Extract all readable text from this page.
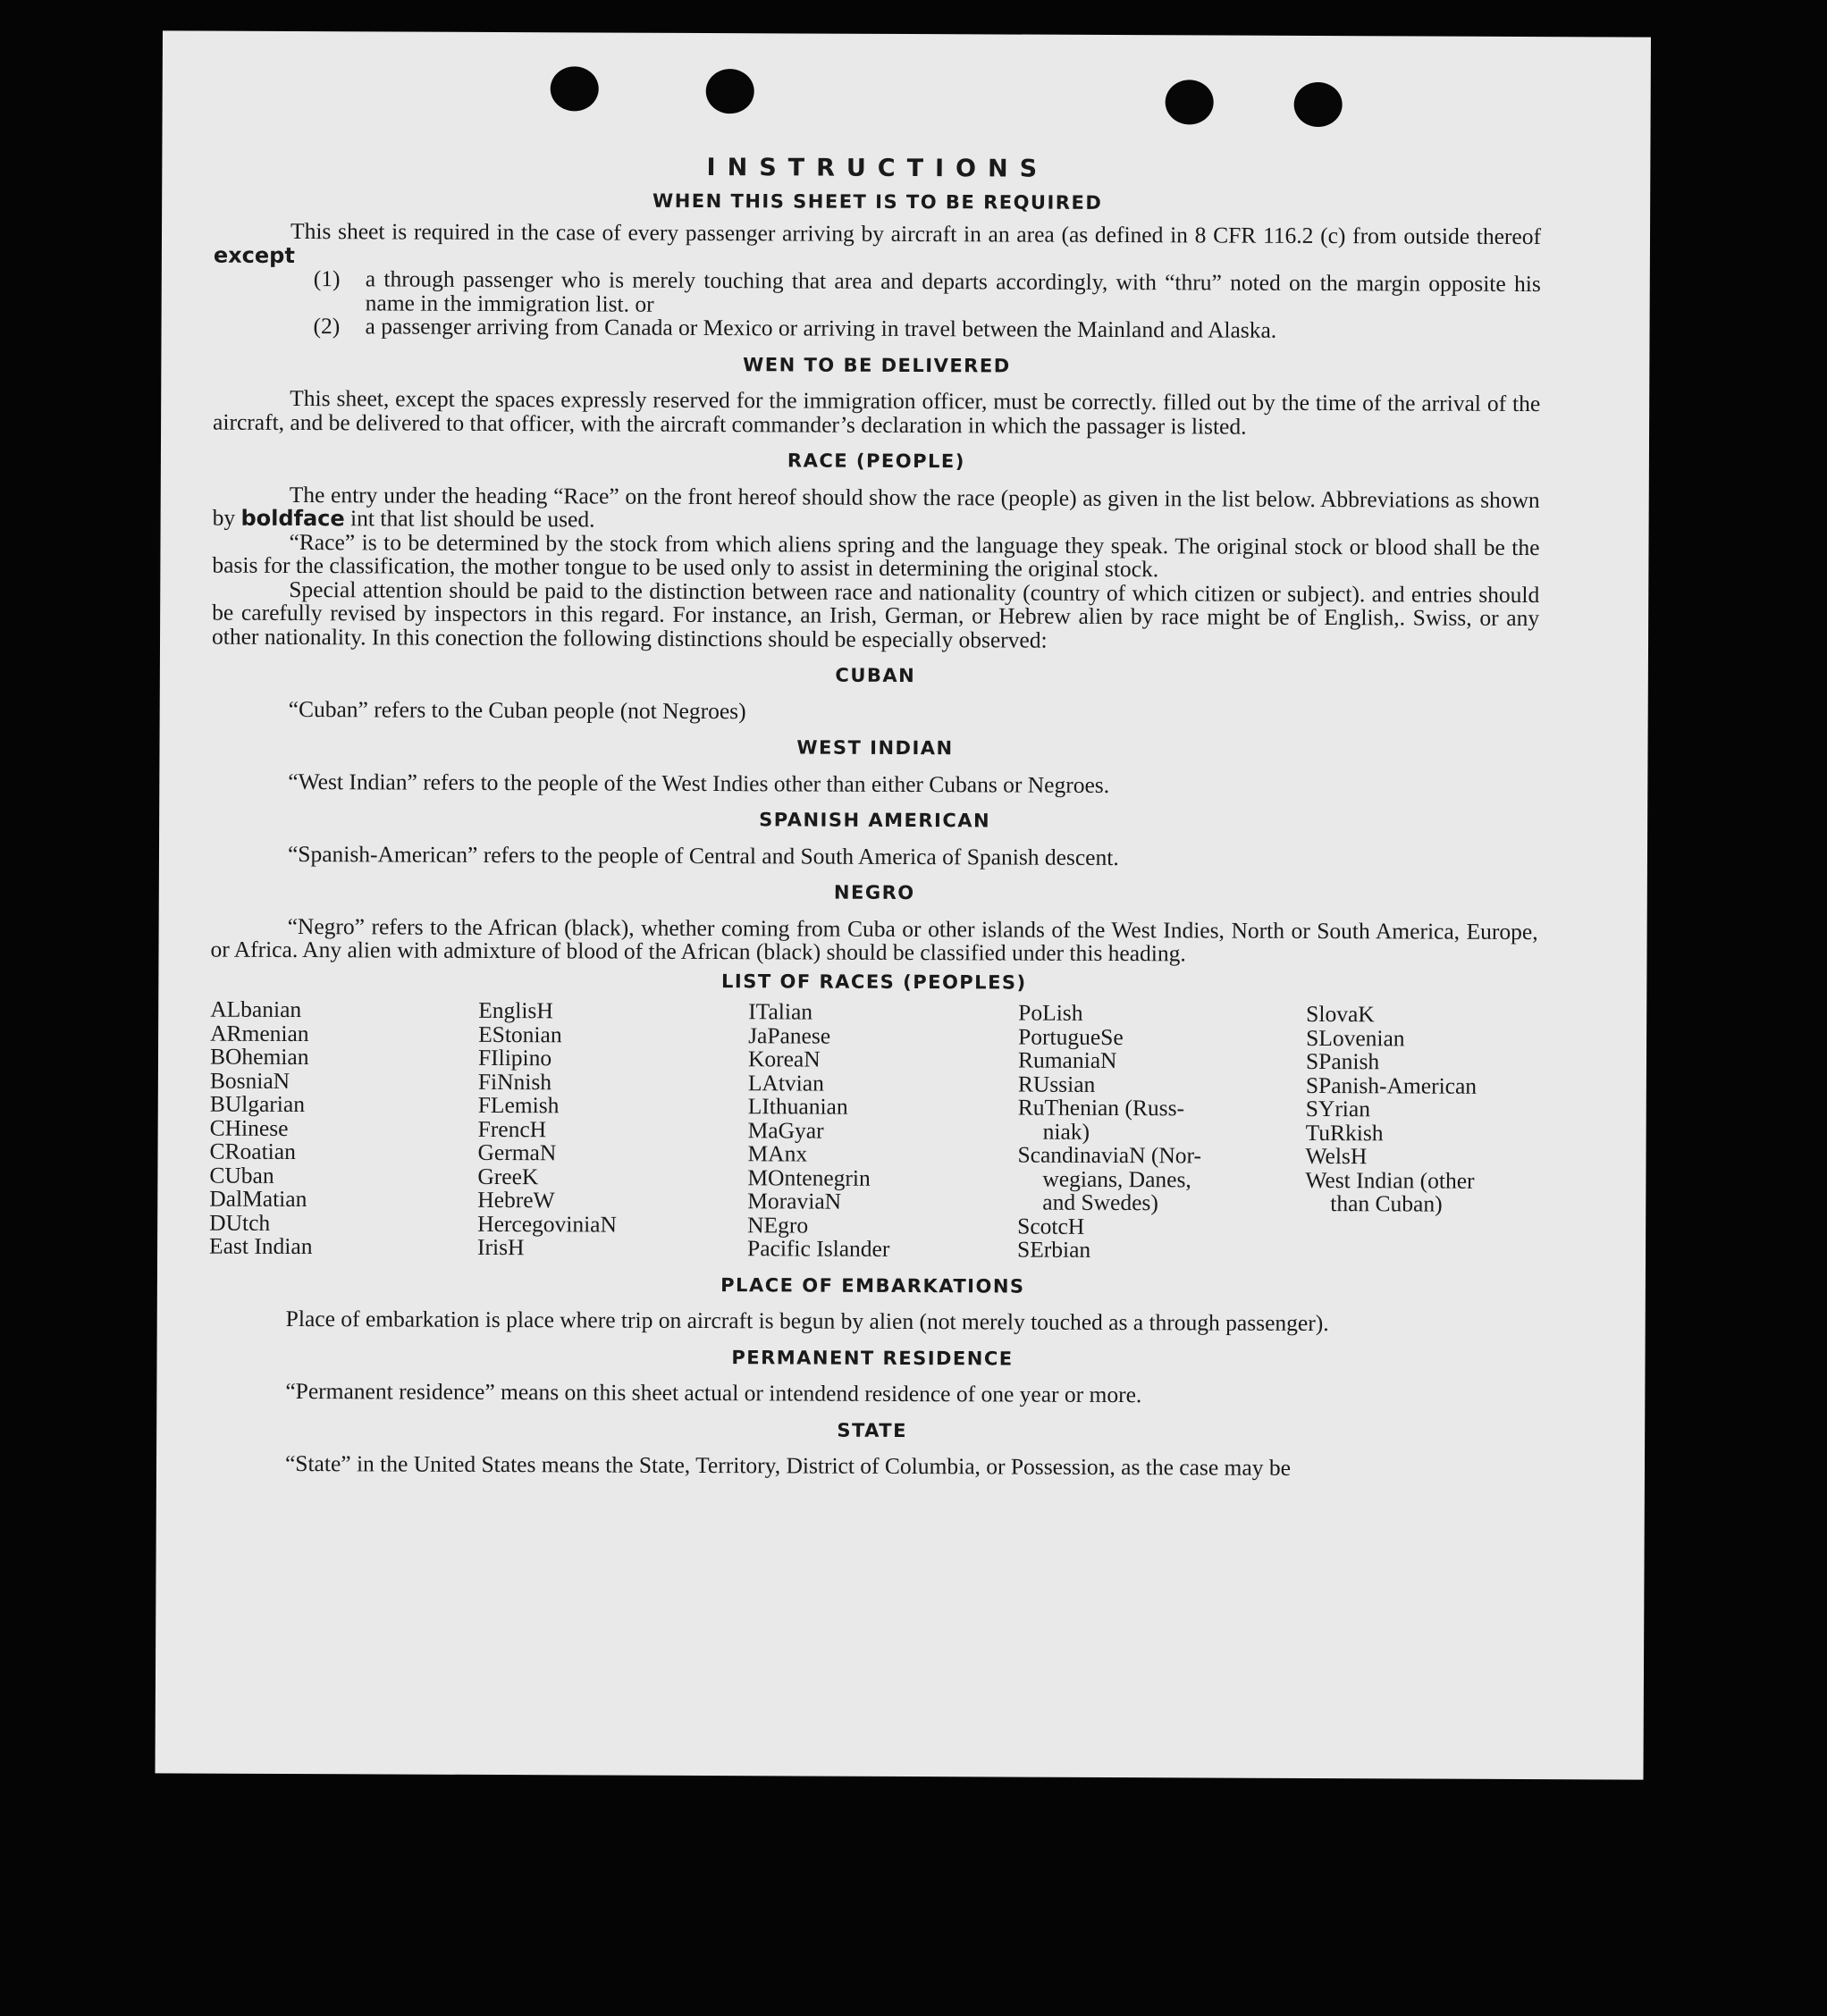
INSTRUCTIONS
WHEN THIS SHEET IS TO BE REQUIRED

This sheet is required in the case of every passenger arriving by aircraft in an area (as defined in 8 CFR 116.2 (c) from outside thereof except

(1)	a through passenger who is merely touching that area and departs accordingly, with “thru” noted on the margin opposite his name in the immigration list. or
(2)	a passenger arriving from Canada or Mexico or arriving in travel between the Mainland and Alaska.
WEN TO BE DELIVERED

This sheet, except the spaces expressly reserved for the immigration officer, must be correctly. filled out by the time of the arrival of the aircraft, and be delivered to that officer, with the aircraft commander’s declaration in which the passager is listed.

RACE (PEOPLE)

The entry under the heading “Race” on the front hereof should show the race (people) as given in the list below. Abbreviations as shown by boldface int that list should be used.

“Race” is to be determined by the stock from which aliens spring and the language they speak. The original stock or blood shall be the basis for the classification, the mother tongue to be used only to assist in determining the original stock.

Special attention should be paid to the distinction between race and nationality (country of which citizen or subject). and entries should be carefully revised by inspectors in this regard. For instance, an Irish, German, or Hebrew alien by race might be of English,. Swiss, or any other nationality. In this conection the following distinctions should be especially observed:

CUBAN

“Cuban” refers to the Cuban people (not Negroes)

WEST INDIAN

“West Indian” refers to the people of the West Indies other than either Cubans or Negroes.

SPANISH AMERICAN

“Spanish-American” refers to the people of Central and South America of Spanish descent.

NEGRO

“Negro” refers to the African (black), whether coming from Cuba or other islands of the West Indies, North or South America, Europe, or Africa. Any alien with admixture of blood of the African (black) should be classified under this heading.

LIST OF RACES (PEOPLES)
ALbanian
ARmenian
BOhemian
BosniaN
BUlgarian
CHinese
CRoatian
CUban
DalMatian
DUtch
East Indian
EnglisH
EStonian
FIlipino
FiNnish
FLemish
FrencH
GermaN
GreeK
HebreW
HercegoviniaN
IrisH
ITalian
JaPanese
KoreaN
LAtvian
LIthuanian
MaGyar
MAnx
MOntenegrin
MoraviaN
NEgro
Pacific Islander
PoLish
PortugueSe
RumaniaN
RUssian
RuThenian (Russ-
niak)
ScandinaviaN (Nor-
wegians, Danes,
and Swedes)
ScotcH
SErbian
SlovaK
SLovenian
SPanish
SPanish-American
SYrian
TuRkish
WelsH
West Indian (other
than Cuban)
PLACE OF EMBARKATIONS

Place of embarkation is place where trip on aircraft is begun by alien (not merely touched as a through passenger).

PERMANENT RESIDENCE

“Permanent residence” means on this sheet actual or intendend residence of one year or more.

STATE

“State” in the United States means the State, Territory, District of Columbia, or Possession, as the case may be
